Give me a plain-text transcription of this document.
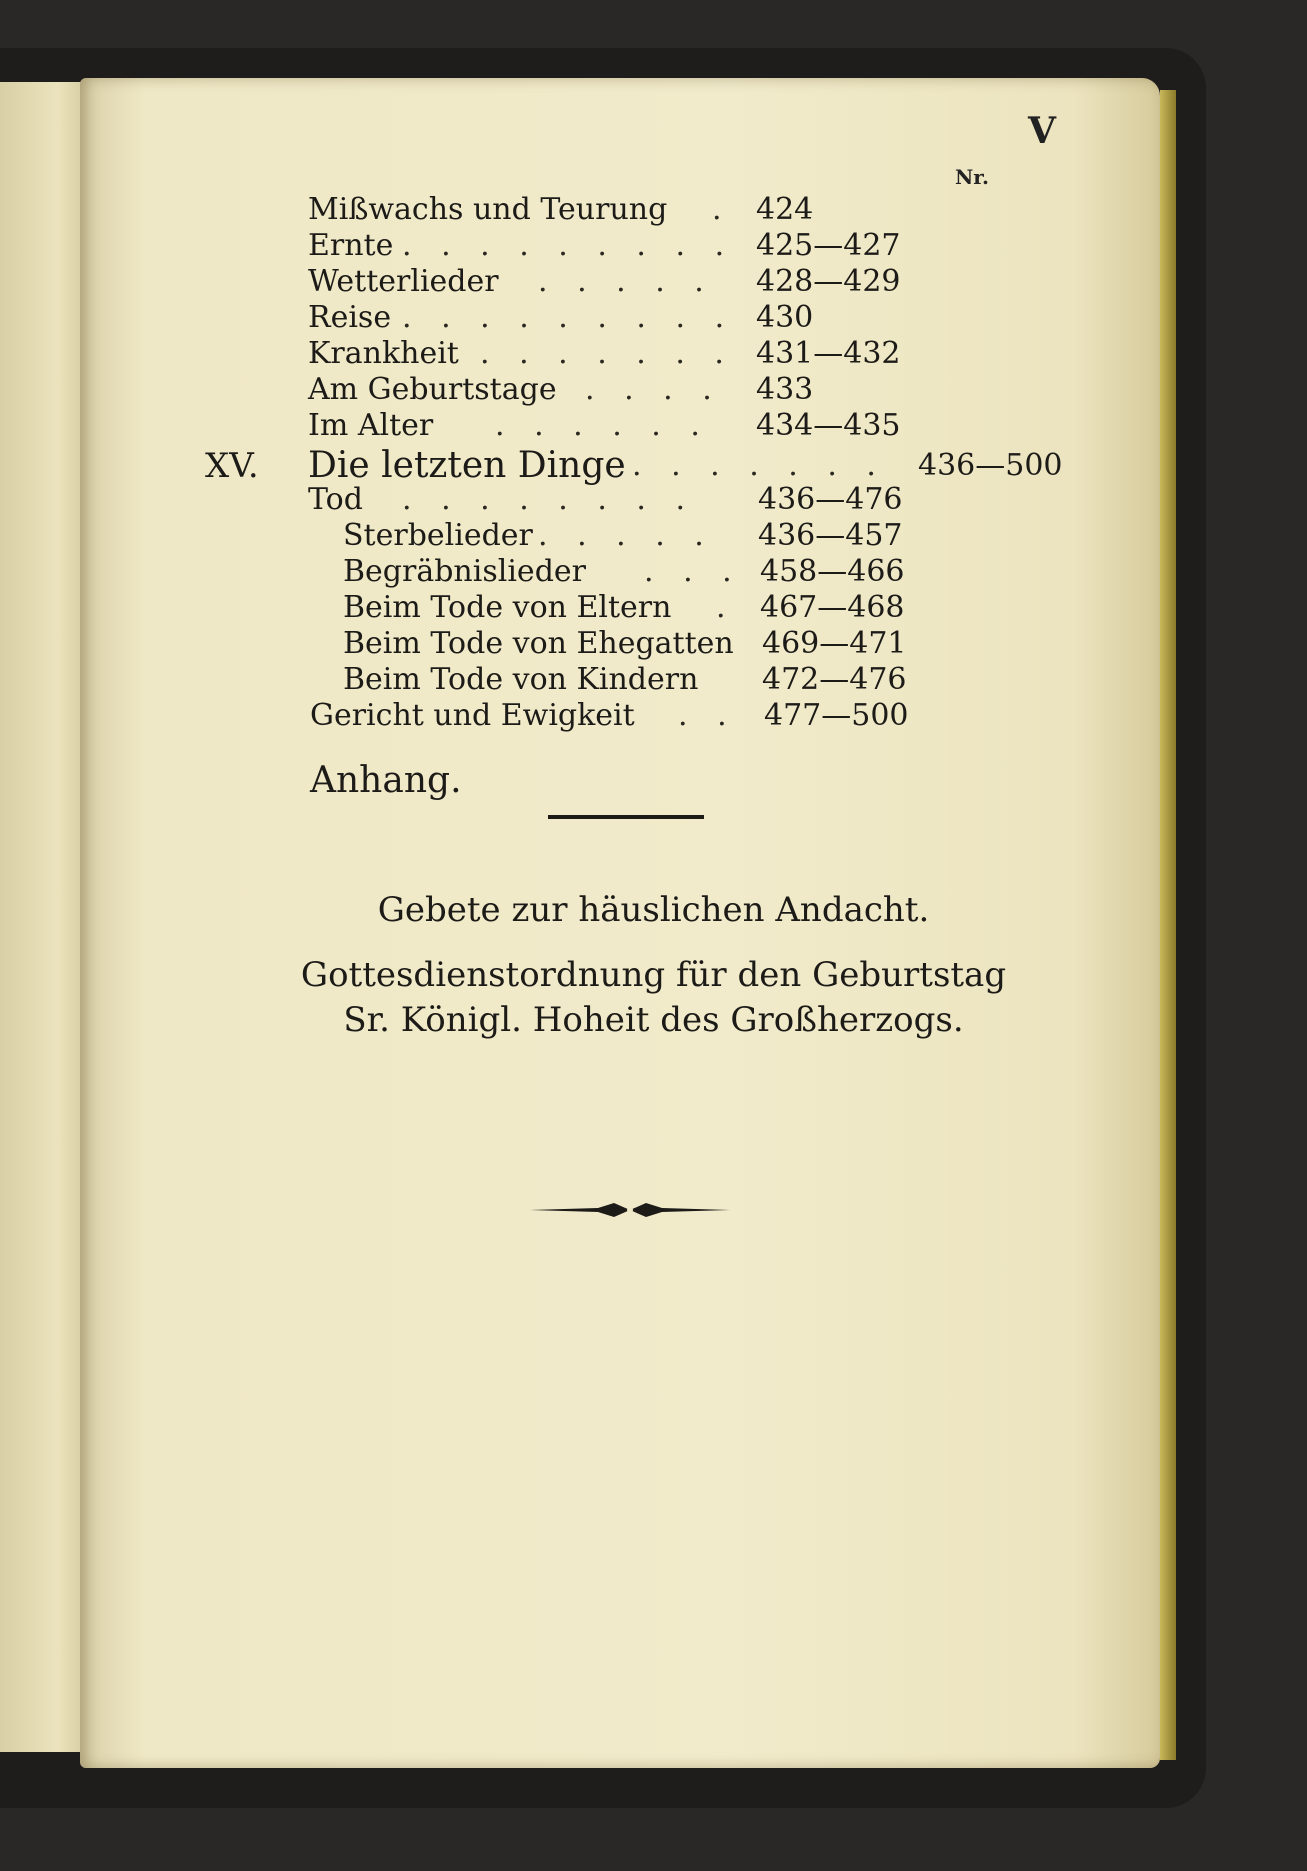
V
Nr.
Mißwachs und Teurung . 424
Ernte . . . . . . . . . 425—427
Wetterlieder . . . . . 428—429
Reise . . . . . . . . . 430
Krankheit . . . . . . . 431—432
Am Geburtstage . . . . 433
Im Alter . . . . . . 434—435
XV. Die letzten Dinge . . . . . . . 436—500
Tod . . . . . . . . 436—476
Sterbelieder . . . . . 436—457
Begräbnislieder . . . 458—466
Beim Tode von Eltern . 467—468
Beim Tode von Ehegatten 469—471
Beim Tode von Kindern 472—476
Gericht und Ewigkeit . . 477—500
Anhang.
Gebete zur häuslichen Andacht.
Gottesdienstordnung für den Geburtstag
Sr. Königl. Hoheit des Großherzogs.
